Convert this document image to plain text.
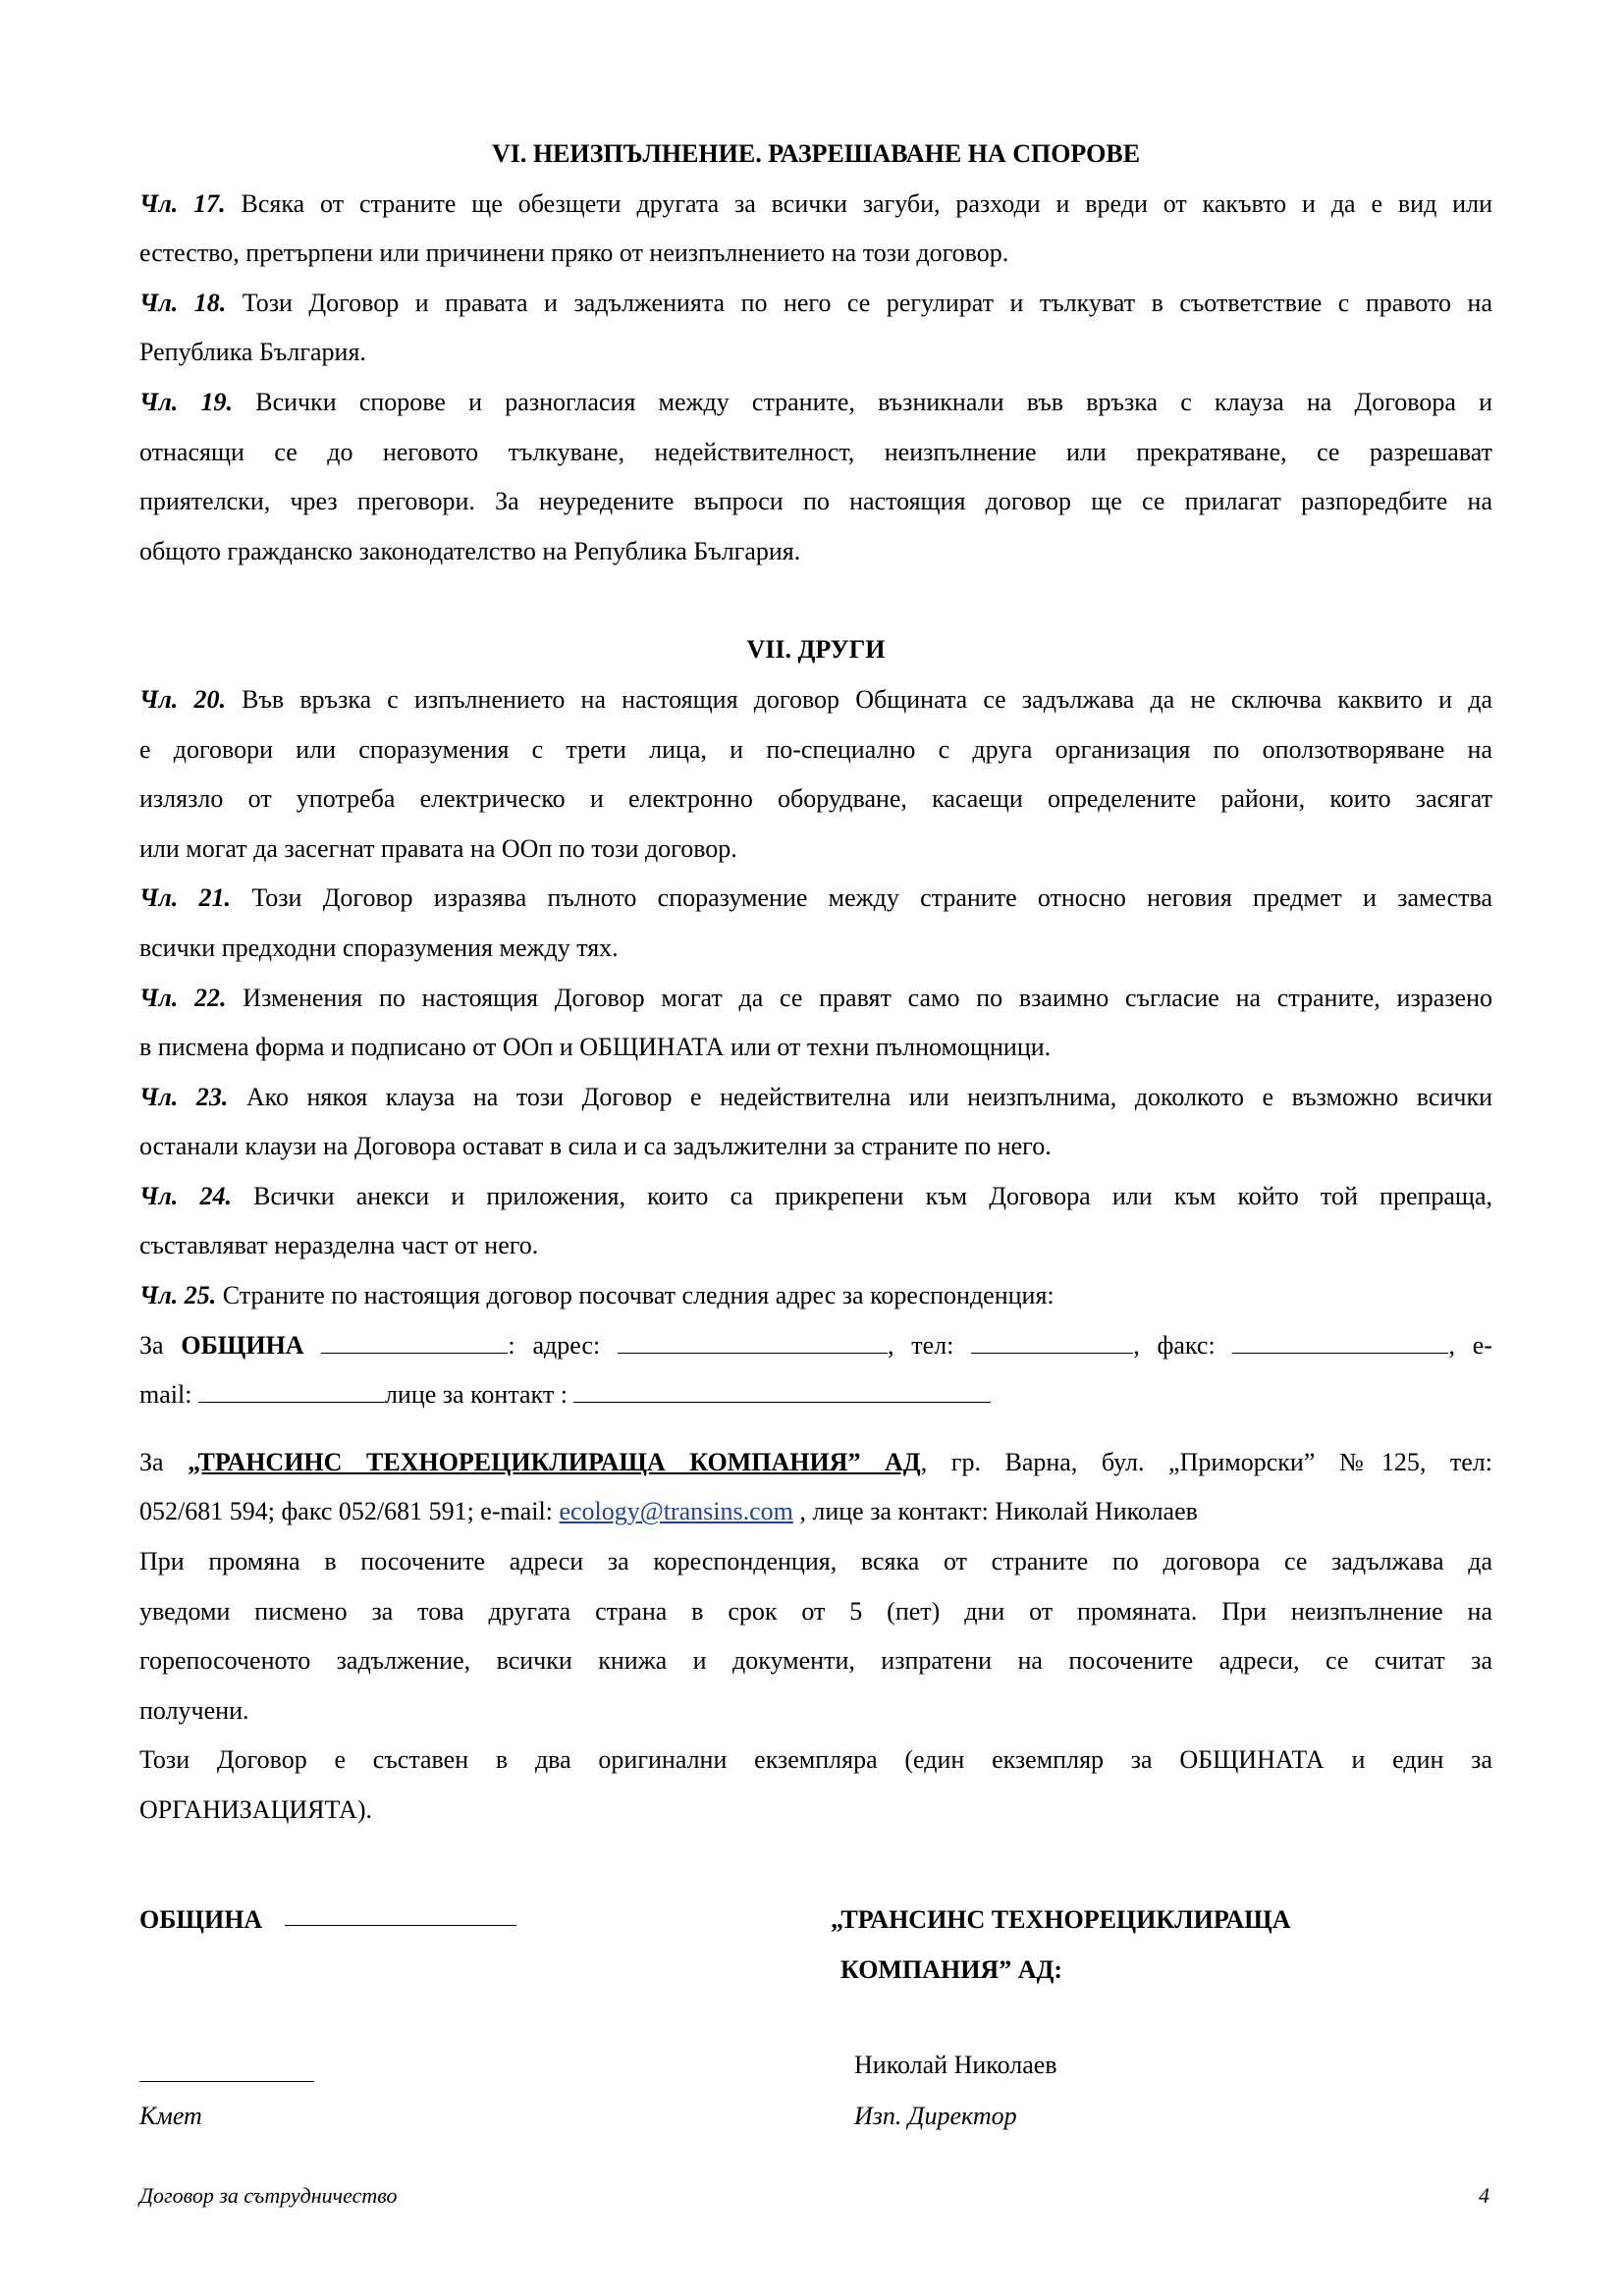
VI. НЕИЗПЪЛНЕНИЕ. РАЗРЕШАВАНЕ НА СПОРОВЕ
Чл. 17. Всяка от страните ще обезщети другата за всички загуби, разходи и вреди от какъвто и да е вид или
естество, претърпени или причинени пряко от неизпълнението на този договор.
Чл. 18. Този Договор и правата и задълженията по него се регулират и тълкуват в съответствие с правото на
Република България.
Чл. 19. Всички спорове и разногласия между страните, възникнали във връзка с клауза на Договора и
отнасящи се до неговото тълкуване, недействителност, неизпълнение или прекратяване, се разрешават
приятелски, чрез преговори. За неуредените въпроси по настоящия договор ще се прилагат разпоредбите на
общото гражданско законодателство на Република България.
VII. ДРУГИ
Чл. 20. Във връзка с изпълнението на настоящия договор Общината се задължава да не сключва каквито и да
е договори или споразумения с трети лица, и по-специално с друга организация по оползотворяване на
излязло от употреба електрическо и електронно оборудване, касаещи определените райони, които засягат
или могат да засегнат правата на ООп по този договор.
Чл. 21. Този Договор изразява пълното споразумение между страните относно неговия предмет и замества
всички предходни споразумения между тях.
Чл. 22. Изменения по настоящия Договор могат да се правят само по взаимно съгласие на страните, изразено
в писмена форма и подписано от ООп и ОБЩИНАТА или от техни пълномощници.
Чл. 23. Ако някоя клауза на този Договор е недействителна или неизпълнима, доколкото е възможно всички
останали клаузи на Договора остават в сила и са задължителни за страните по него.
Чл. 24. Всички анекси и приложения, които са прикрепени към Договора или към който той препраща,
съставляват неразделна част от него.
Чл. 25. Страните по настоящия договор посочват следния адрес за кореспонденция:
За ОБЩИНА	: адрес:	, тел:	, факс:	, e-
mail:	лице за контакт :
За „ТРАНСИНС ТЕХНОРЕЦИКЛИРАЩА КОМПАНИЯ” АД, гр. Варна, бул. „Приморски” №125, тел:
052/681 594; факс 052/681 591; e-mail: ecology@transins.com , лице за контакт: Николай Николаев
При промяна в посочените адреси за кореспонденция, всяка от страните по договора се задължава да
уведоми писмено за това другата страна в срок от 5 (пет) дни от промяната. При неизпълнение на
горепосоченото задължение, всички книжа и документи, изпратени на посочените адреси, се считат за
получени.
Този Договор е съставен в два оригинални екземпляра (един екземпляр за ОБЩИНАТА и един за
ОРГАНИЗАЦИЯТА).
ОБЩИНА	„ТРАНСИНС ТЕХНОРЕЦИКЛИРАЩА
КОМПАНИЯ” АД:
Кмет
Николай Николаев
Изп. Директор
Договор за сътрудничество	4
